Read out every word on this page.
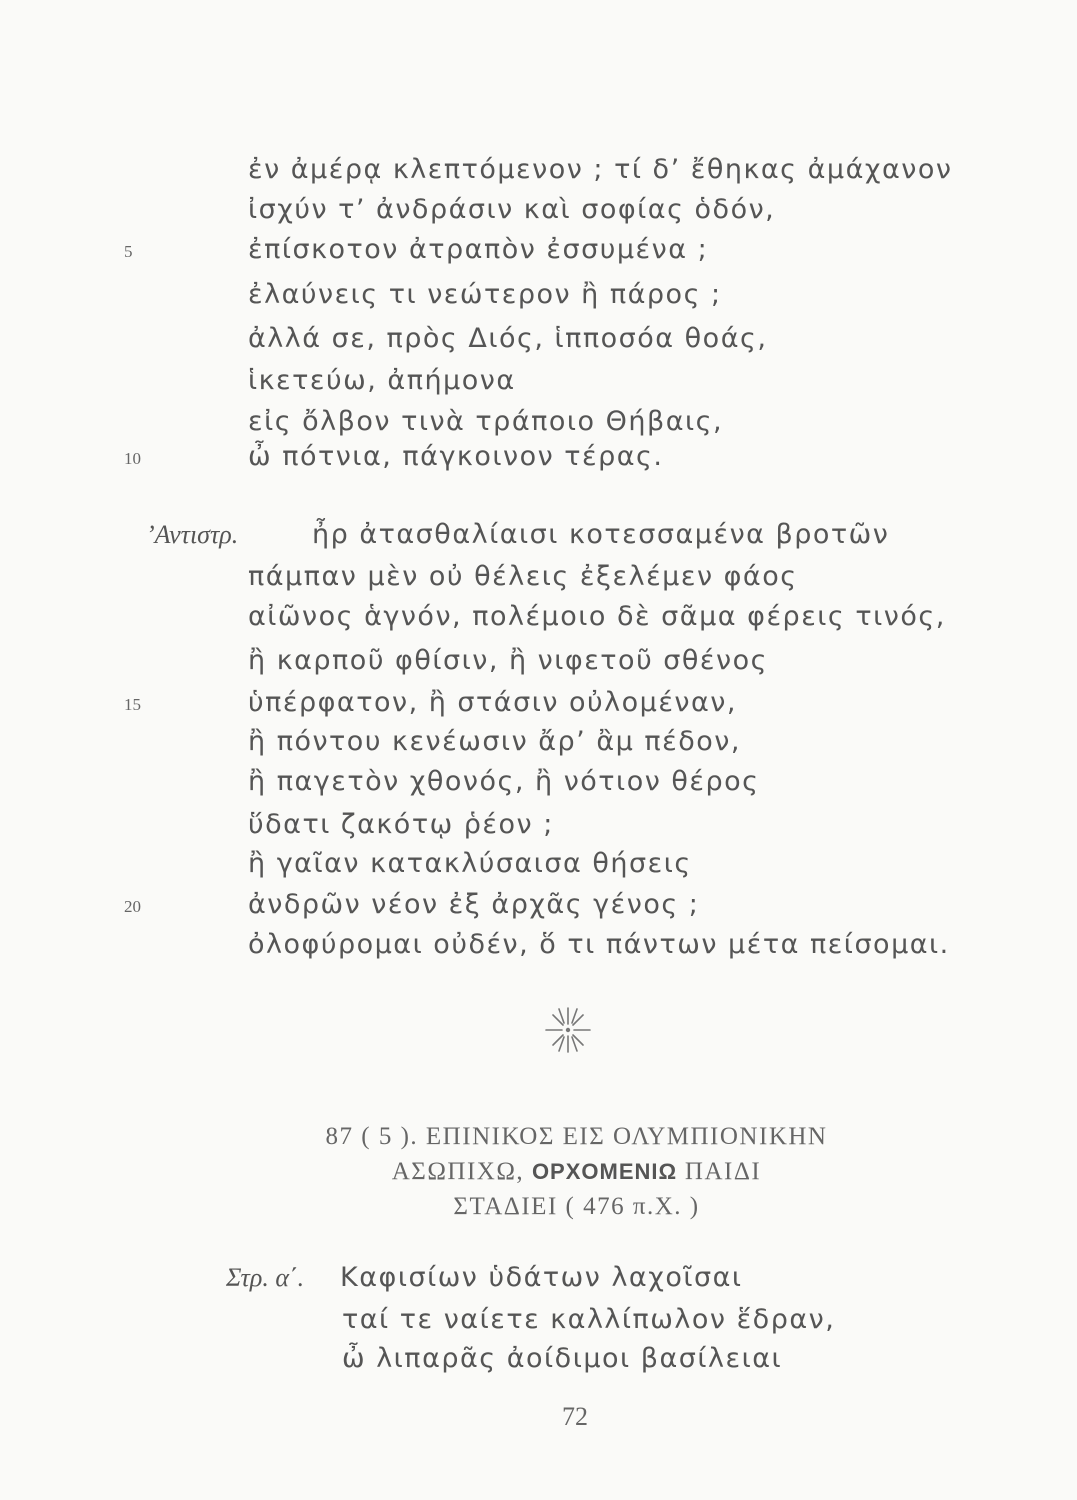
ἐν ἀμέρᾳ κλεπτόμενον ; τί δ’ ἔθηκας ἀμάχανον
ἰσχύν τ’ ἀνδράσιν καὶ σοφίας ὁδόν,
5	ἐπίσκοτον ἀτραπὸν ἐσσυμένα ;
ἐλαύνεις τι νεώτερον ἢ πάρος ;
ἀλλά σε, πρὸς Διός, ἱπποσόα θοάς,
ἱκετεύω, ἀπήμονα
εἰς ὄλβον τινὰ τράποιο Θήβαις,
10	ὦ πότνια, πάγκοινον τέρας.
’Αντιστρ.	ἦρ ἀτασθαλίαισι κοτεσσαμένα βροτῶν
πάμπαν μὲν οὐ θέλεις ἐξελέμεν φάος
αἰῶνος ἁγνόν, πολέμοιο δὲ σᾶμα φέρεις τινός,
ἢ καρποῦ φθίσιν, ἢ νιφετοῦ σθένος
15	ὑπέρφατον, ἢ στάσιν οὐλομέναν,
ἢ πόντου κενέωσιν ἄρ’ ἂμ πέδον,
ἢ παγετὸν χθονός, ἢ νότιον θέρος
ὕδατι ζακότῳ ῥέον ;
ἢ γαῖαν κατακλύσαισα θήσεις
20	ἀνδρῶν νέον ἐξ ἀρχᾶς γένος ;
ὀλοφύρομαι οὐδέν, ὅ τι πάντων μέτα πείσομαι.
87 ( 5 ). ΕΠΙΝΙΚΟΣ ΕΙΣ ΟΛΥΜΠΙΟΝΙΚΗΝ
ΑΣΩΠΙΧΩ, ΟΡΧΟΜΕΝΙΩ ΠΑΙΔΙ
ΣΤΑΔΙΕΙ ( 476 π.Χ. )
Στρ. α΄. Καφισίων ὑδάτων λαχοῖσαι
ταί τε ναίετε καλλίπωλον ἕδραν,
ὦ λιπαρᾶς ἀοίδιμοι βασίλειαι
72
